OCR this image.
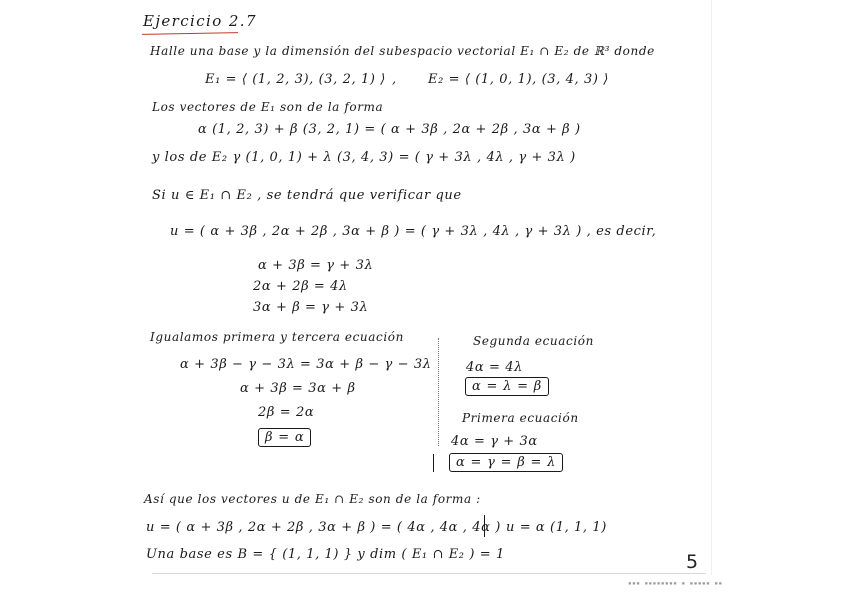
Ejercicio 2.7
Halle una base y la dimensión del subespacio vectorial E₁ ∩ E₂ de ℝ³ donde
E₁ = ⟨ (1, 2, 3), (3, 2, 1) ⟩ , E₂ = ⟨ (1, 0, 1), (3, 4, 3) ⟩
Los vectores de E₁ son de la forma
α (1, 2, 3) + β (3, 2, 1) = ( α + 3β , 2α + 2β , 3α + β )
y los de E₂ γ (1, 0, 1) + λ (3, 4, 3) = ( γ + 3λ , 4λ , γ + 3λ )
Si u ∈ E₁ ∩ E₂ , se tendrá que verificar que
u = ( α + 3β , 2α + 2β , 3α + β ) = ( γ + 3λ , 4λ , γ + 3λ ) , es decir,
α + 3β = γ + 3λ
2α + 2β = 4λ
3α + β = γ + 3λ
Igualamos primera y tercera ecuación
α + 3β − γ − 3λ = 3α + β − γ − 3λ
α + 3β = 3α + β
2β = 2α
β = α
Segunda ecuación
4α = 4λ
α = λ = β
Primera ecuación
4α = γ + 3α
α = γ = β = λ
Así que los vectores u de E₁ ∩ E₂ son de la forma :
u = ( α + 3β , 2α + 2β , 3α + β ) = ( 4α , 4α , 4α ) u = α (1, 1, 1)
Una base es B = { (1, 1, 1) } y dim ( E₁ ∩ E₂ ) = 1	5
▪▪▪ ▪▪▪▪▪▪▪▪ ▪ ▪▪▪▪▪ ▪▪
